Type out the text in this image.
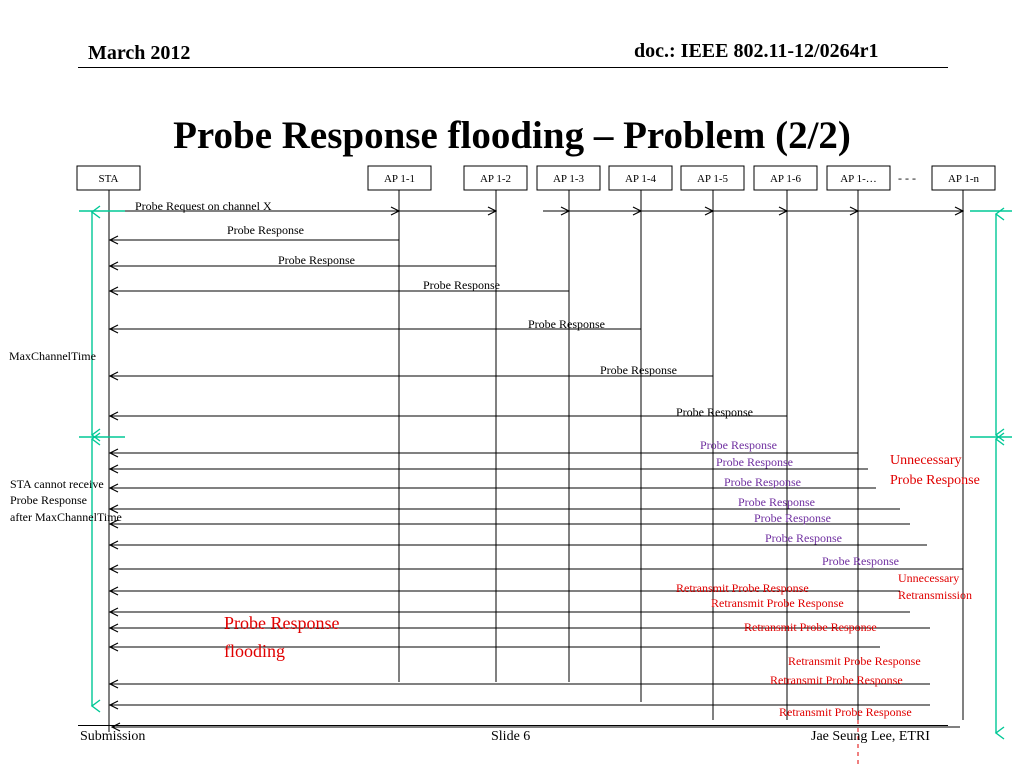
March 2012	doc.: IEEE 802.11-12/0264r1
Probe Response flooding – Problem (2/2)
STA	AP 1-1	AP 1-2	AP 1-3	AP 1-4	AP 1-5	AP 1-6	AP 1-… - - -	AP 1-n
Probe Request on channel X
Probe Response
Probe Response
Probe Response
Probe Response
Probe Response
Probe Response
Probe Response
Probe Response
Probe Response
Probe Response
Probe Response
Probe Response
Probe Response
Retransmit Probe Response
Retransmit Probe Response
Retransmit Probe Response
Retransmit Probe Response
Retransmit Probe Response
Retransmit Probe Response
MaxChannelTime
STA cannot receive Probe Response after MaxChannelTime
Unnecessary Probe Response
Unnecessary Retransmission
Probe Response flooding
Submission	Slide 6	Jae Seung Lee, ETRI
